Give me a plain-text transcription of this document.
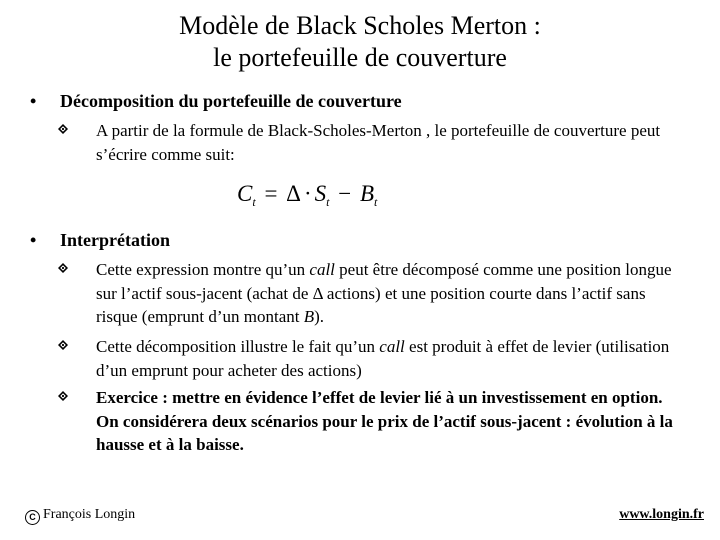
Modèle de Black Scholes Merton :
le portefeuille de couverture
• Décomposition du portefeuille de couverture
A partir de la formule de Black-Scholes-Merton , le portefeuille de couverture peut s’écrire comme suit:
$C_t = \Delta \cdot S_t - B_t$
• Interprétation
Cette expression montre qu’un call peut être décomposé comme une position longue sur l’actif sous-jacent (achat de Δ actions) et une position courte dans l’actif sans risque (emprunt d’un montant B).
Cette décomposition illustre le fait qu’un call est produit à effet de levier (utilisation d’un emprunt pour acheter des actions)
Exercice : mettre en évidence l’effet de levier lié à un investissement en option. On considérera deux scénarios pour le prix de l’actif sous-jacent : évolution à la hausse et à la baisse.
C François Longin	www.longin.fr
